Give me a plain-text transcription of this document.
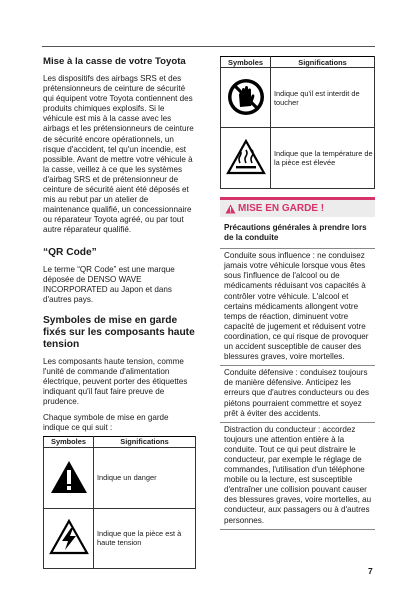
Mise à la casse de votre Toyota

Les dispositifs des airbags SRS et des prétensionneurs de ceinture de sécurité qui équipent votre Toyota contiennent des produits chimiques explosifs. Si le véhicule est mis à la casse avec les airbags et les prétensionneurs de ceinture de sécurité encore opérationnels, un risque d'accident, tel qu'un incendie, est possible. Avant de mettre votre véhicule à la casse, veillez à ce que les systèmes d'airbag SRS et de prétensionneur de ceinture de sécurité aient été déposés et mis au rebut par un atelier de maintenance qualifié, un concessionnaire ou réparateur Toyota agréé, ou par tout autre réparateur qualifié.

“QR Code”

Le terme “QR Code” est une marque déposée de DENSO WAVE INCORPORATED au Japon et dans d'autres pays.

Symboles de mise en garde fixés sur les composants haute tension

Les composants haute tension, comme l'unité de commande d'alimentation électrique, peuvent porter des étiquettes indiquant qu'il faut faire preuve de prudence.

Chaque symbole de mise en garde indique ce qui suit :

Symboles	Significations
	Indique un danger
	Indique que la pièce est à haute tension
Symboles	Significations
	Indique qu'il est interdit de toucher
	Indique que la température de la pièce est élevée
MISE EN GARDE !
Précautions générales à prendre lors de la conduite
Conduite sous influence : ne conduisez jamais votre véhicule lorsque vous êtes sous l'influence de l'alcool ou de médicaments réduisant vos capacités à contrôler votre véhicule. L'alcool et certains médicaments allongent votre temps de réaction, diminuent votre capacité de jugement et réduisent votre coordination, ce qui risque de provoquer un accident susceptible de causer des blessures graves, voire mortelles.
Conduite défensive : conduisez toujours de manière défensive. Anticipez les erreurs que d'autres conducteurs ou des piétons pourraient commettre et soyez prêt à éviter des accidents.
Distraction du conducteur : accordez toujours une attention entière à la conduite. Tout ce qui peut distraire le conducteur, par exemple le réglage de commandes, l'utilisation d'un téléphone mobile ou la lecture, est susceptible d'entraîner une collision pouvant causer des blessures graves, voire mortelles, au conducteur, aux passagers ou à d'autres personnes.
7
